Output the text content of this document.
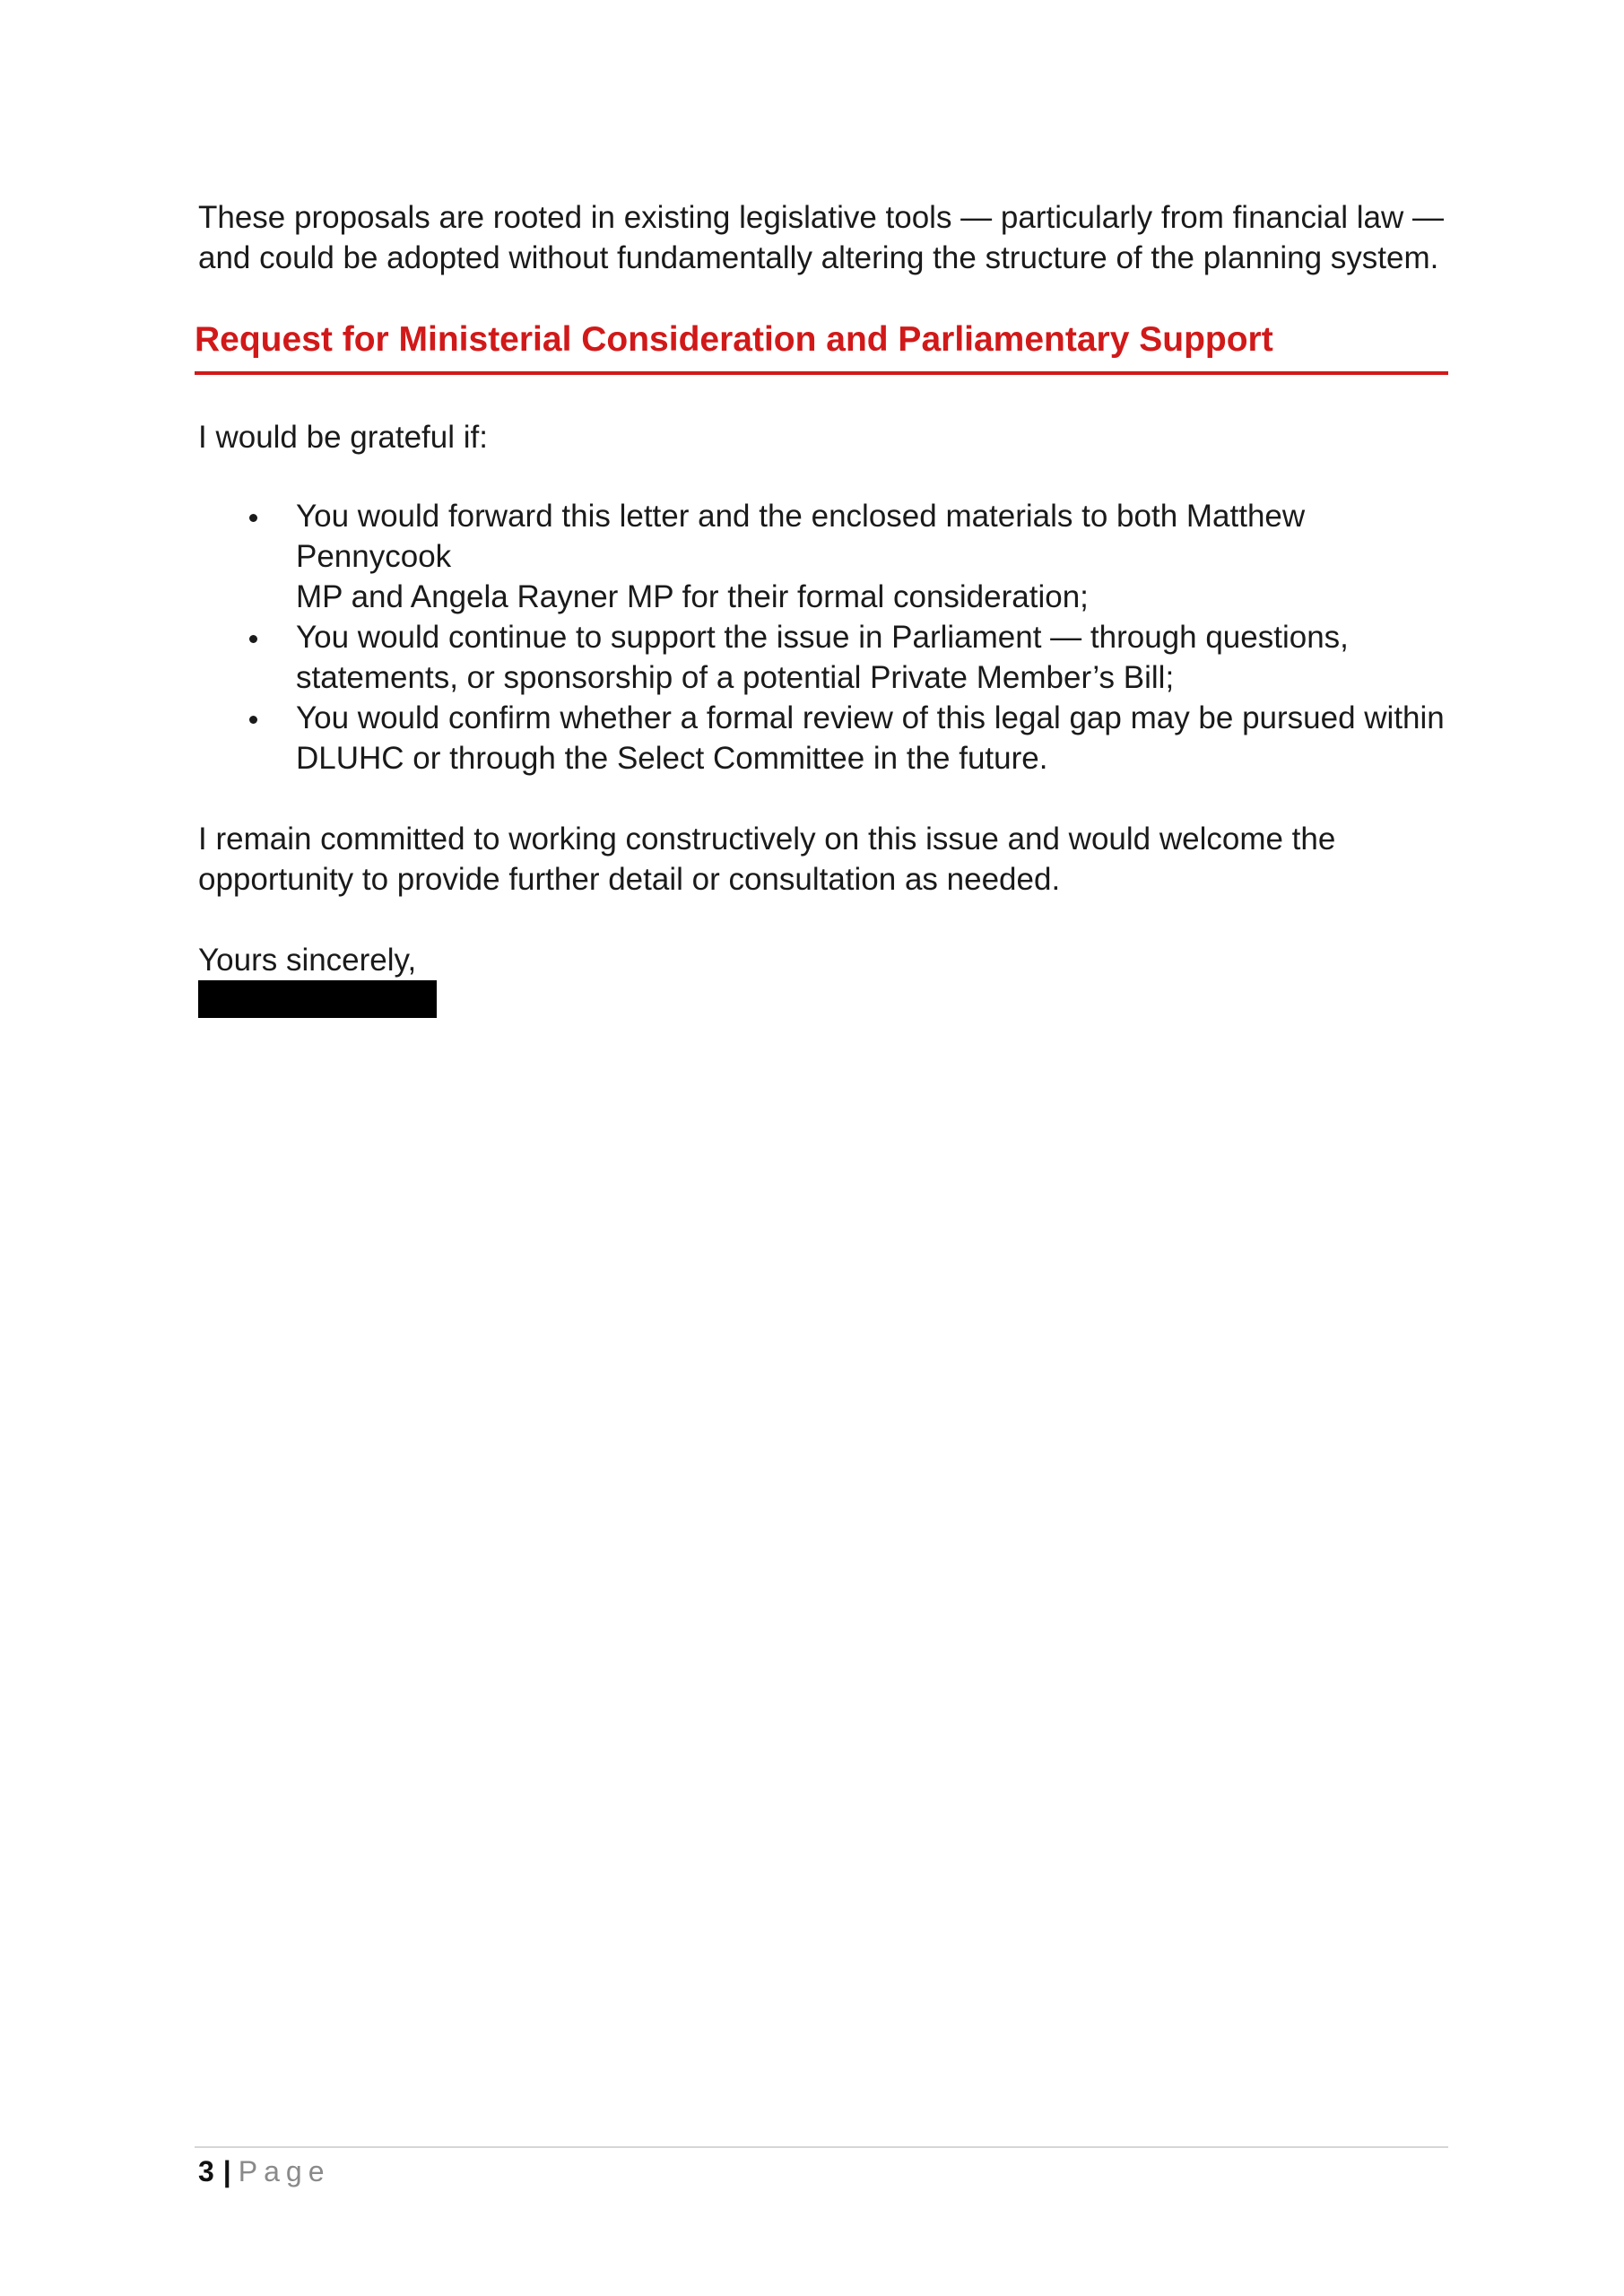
These proposals are rooted in existing legislative tools — particularly from financial law —
and could be adopted without fundamentally altering the structure of the planning system.

Request for Ministerial Consideration and Parliamentary Support

I would be grateful if:

You would forward this letter and the enclosed materials to both Matthew Pennycook
MP and Angela Rayner MP for their formal consideration;
You would continue to support the issue in Parliament — through questions,
statements, or sponsorship of a potential Private Member’s Bill;
You would confirm whether a formal review of this legal gap may be pursued within
DLUHC or through the Select Committee in the future.

I remain committed to working constructively on this issue and would welcome the
opportunity to provide further detail or consultation as needed.

Yours sincerely,

3 | Page
